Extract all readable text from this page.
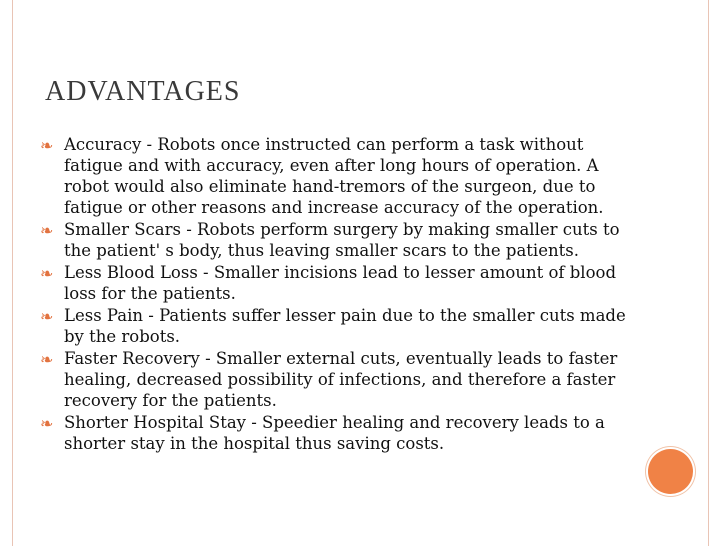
ADVANTAGES
❧ Accuracy - Robots once instructed can perform a task without fatigue and with accuracy, even after long hours of operation. A robot would also eliminate hand-tremors of the surgeon, due to fatigue or other reasons and increase accuracy of the operation.
❧ Smaller Scars - Robots perform surgery by making smaller cuts to the patient' s body, thus leaving smaller scars to the patients.
❧ Less Blood Loss - Smaller incisions lead to lesser amount of blood loss for the patients.
❧ Less Pain - Patients suffer lesser pain due to the smaller cuts made by the robots.
❧ Faster Recovery - Smaller external cuts, eventually leads to faster healing, decreased possibility of infections, and therefore a faster recovery for the patients.
❧ Shorter Hospital Stay - Speedier healing and recovery leads to a shorter stay in the hospital thus saving costs.
